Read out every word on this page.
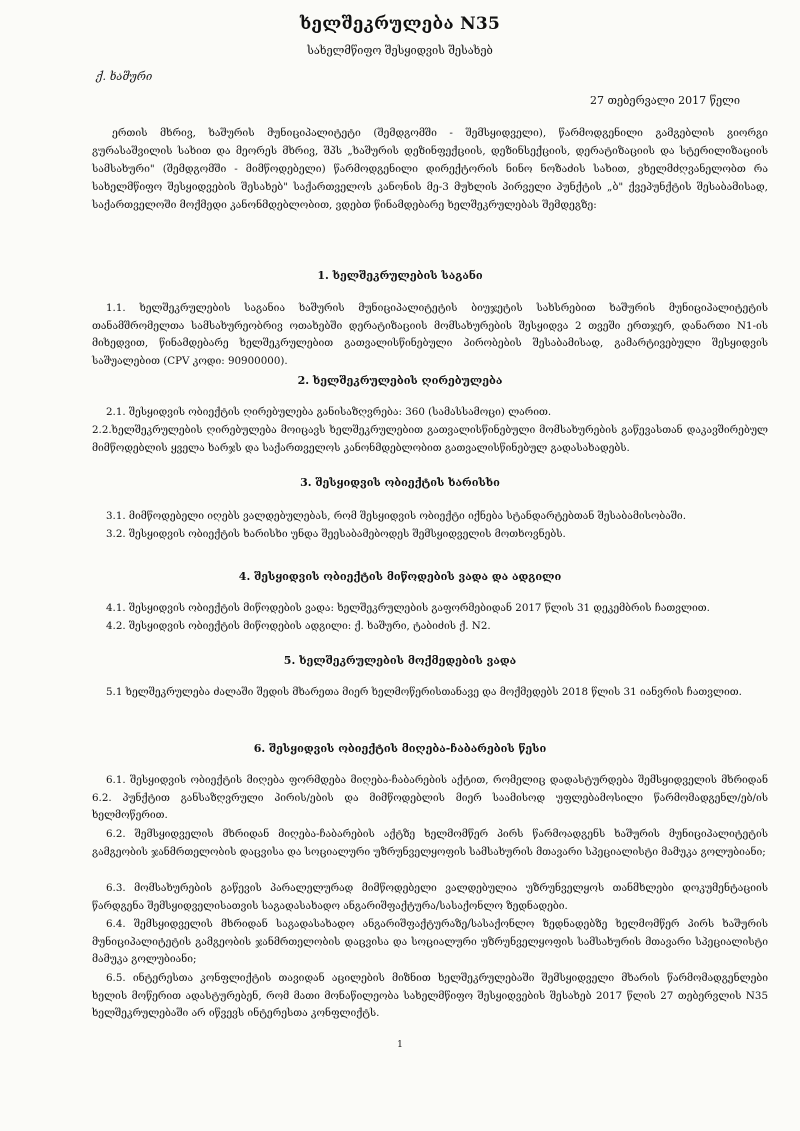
ხელშეკრულება N35
სახელმწიფო შესყიდვის შესახებ
ქ. ხაშური
27 თებერვალი 2017 წელი
ერთის მხრივ, ხაშურის მუნიციპალიტეტი (შემდგომში - შემსყიდველი), წარმოდგენილი გამგებლის გიორგი გურასაშვილის სახით და მეორეს მხრივ, შპს „ხაშურის დეზინფექციის, დეზინსექციის, დერატიზაციის და სტერილიზაციის სამსახური" (შემდგომში - მიმწოდებელი) წარმოდგენილი დირექტორის ნინო ნოზაძის სახით, ვხელმძღვანელობთ რა სახელმწიფო შესყიდვების შესახებ" საქართველოს კანონის მე-3 მუხლის პირველი პუნქტის „ბ" ქვეპუნქტის შესაბამისად, საქართველოში მოქმედი კანონმდებლობით, ვდებთ წინამდებარე ხელშეკრულებას შემდეგზე:
1. ხელშეკრულების საგანი
1.1. ხელშეკრულების საგანია ხაშურის მუნიციპალიტეტის ბიუჯეტის სახსრებით ხაშურის მუნიციპალიტეტის თანამშრომელთა სამსახურეობრივ ოთახებში დერატიზაციის მომსახურების შესყიდვა 2 თვეში ერთჯერ, დანართი N1-ის მიხედვით, წინამდებარე ხელშეკრულებით გათვალისწინებული პირობების შესაბამისად, გამარტივებული შესყიდვის საშუალებით (CPV კოდი: 90900000).
2. ხელშეკრულების ღირებულება
2.1. შესყიდვის ობიექტის ღირებულება განისაზღვრება: 360 (სამასსამოცი) ლარით.
2.2.ხელშეკრულების ღირებულება მოიცავს ხელშეკრულებით გათვალისწინებული მომსახურების გაწევასთან დაკავშირებულ მიმწოდებლის ყველა ხარჯს და საქართველოს კანონმდებლობით გათვალისწინებულ გადასახადებს.
3. შესყიდვის ობიექტის ხარისხი
3.1. მიმწოდებელი იღებს ვალდებულებას, რომ შესყიდვის ობიექტი იქნება სტანდარტებთან შესაბამისობაში.
3.2. შესყიდვის ობიექტის ხარისხი უნდა შეესაბამებოდეს შემსყიდველის მოთხოვნებს.
4. შესყიდვის ობიექტის მიწოდების ვადა და ადგილი
4.1. შესყიდვის ობიექტის მიწოდების ვადა: ხელშეკრულების გაფორმებიდან 2017 წლის 31 დეკემბრის ჩათვლით.
4.2. შესყიდვის ობიექტის მიწოდების ადგილი: ქ. ხაშური, ტაბიძის ქ. N2.
5. ხელშეკრულების მოქმედების ვადა
5.1 ხელშეკრულება ძალაში შედის მხარეთა მიერ ხელმოწერისთანავე და მოქმედებს 2018 წლის 31 იანვრის ჩათვლით.
6. შესყიდვის ობიექტის მიღება-ჩაბარების წესი
6.1. შესყიდვის ობიექტის მიღება ფორმდება მიღება-ჩაბარების აქტით, რომელიც დადასტურდება შემსყიდველის მხრიდან 6.2. პუნქტით განსაზღვრული პირის/ების და მიმწოდებლის მიერ საამისოდ უფლებამოსილი წარმომადგენლ/ებ/ის ხელმოწერით.
6.2. შემსყიდველის მხრიდან მიღება-ჩაბარების აქტზე ხელმომწერ პირს წარმოადგენს ხაშურის მუნიციპალიტეტის გამგეობის ჯანმრთელობის დაცვისა და სოციალური უზრუნველყოფის სამსახურის მთავარი სპეციალისტი მამუკა გოლუბიანი;
6.3. მომსახურების გაწევის პარალელურად მიმწოდებელი ვალდებულია უზრუნველყოს თანმხლები დოკუმენტაციის წარდგენა შემსყიდველისათვის საგადასახადო ანგარიშფაქტურა/სასაქონლო ზედნადები.
6.4. შემსყიდველის მხრიდან საგადასახადო ანგარიშფაქტურაზე/სასაქონლო ზედნადებზე ხელმომწერ პირს ხაშურის მუნიციპალიტეტის გამგეობის ჯანმრთელობის დაცვისა და სოციალური უზრუნველყოფის სამსახურის მთავარი სპეციალისტი მამუკა გოლუბიანი;
6.5. ინტერესთა კონფლიქტის თავიდან აცილების მიზნით ხელშეკრულებაში შემსყიდველი მხარის წარმომადგენლები ხელის მოწერით ადასტურებენ, რომ მათი მონაწილეობა სახელმწიფო შესყიდვების შესახებ 2017 წლის 27 თებერვლის N35 ხელშეკრულებაში არ იწვევს ინტერესთა კონფლიქტს.
1
